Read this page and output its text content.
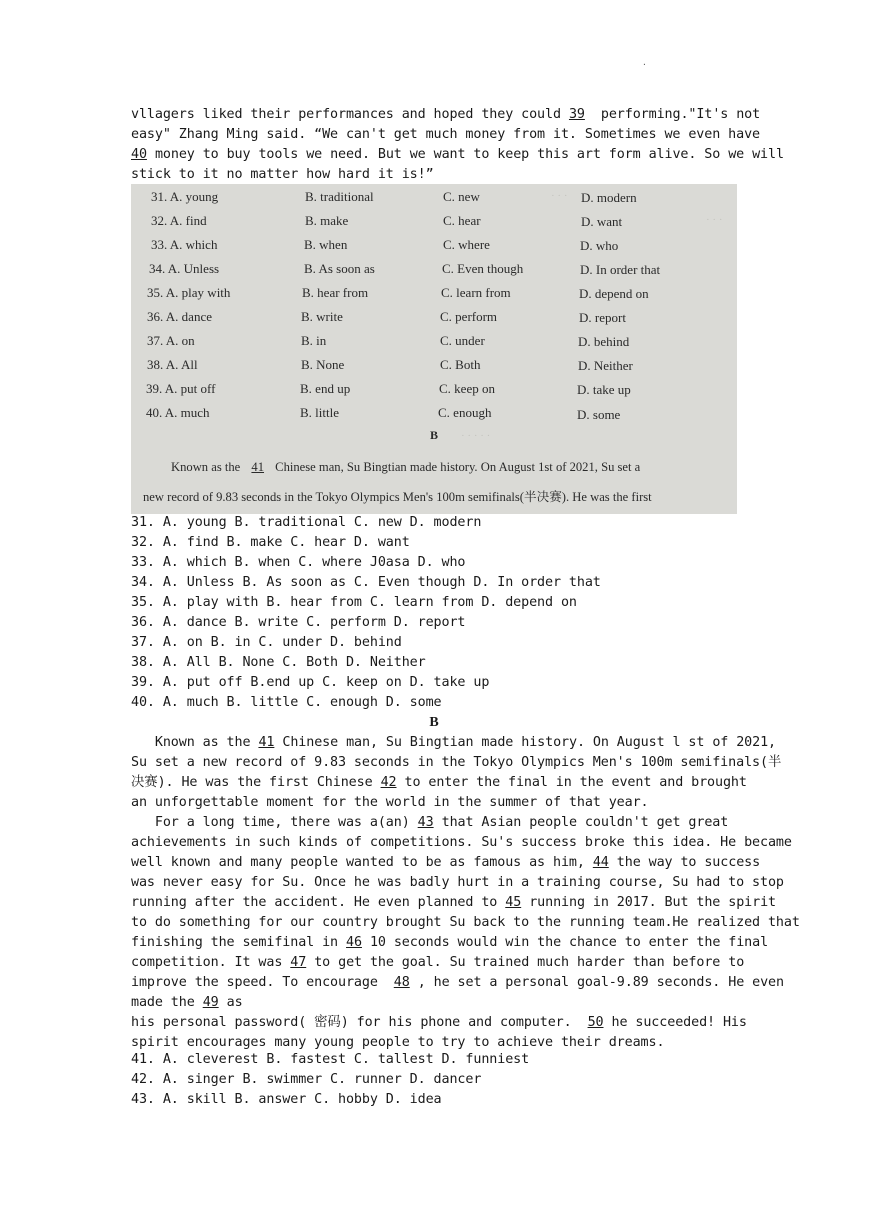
.
vllagers liked their performances and hoped they could 39 performing."It's not
easy" Zhang Ming said. “We can't get much money from it. Sometimes we even have
40 money to buy tools we need. But we want to keep this art form alive. So we will
stick to it no matter how hard it is!”
· · ·
· · ·
31. A. young	B. traditional	C. new	D. modern
32. A. find	B. make	C. hear	D. want
33. A. which	B. when	C. where	D. who
34. A. Unless	B. As soon as	C. Even though	D. In order that
35. A. play with	B. hear from	C. learn from	D. depend on
36. A. dance	B. write	C. perform	D. report
37. A. on	B. in	C. under	D. behind
38. A. All	B. None	C. Both	D. Neither
39. A. put off	B. end up	C. keep on	D. take up
40. A. much	B. little	C. enough	D. some
· · · · ·
B
Known as the 41 Chinese man, Su Bingtian made history. On August 1st of 2021, Su set a
new record of 9.83 seconds in the Tokyo Olympics Men's 100m semifinals(半决赛). He was the first
31. A. young B. traditional C. new D. modern
32. A. find B. make C. hear D. want
33. A. which B. when C. where J0asa D. who
34. A. Unless B. As soon as C. Even though D. In order that
35. A. play with B. hear from C. learn from D. depend on
36. A. dance B. write C. perform D. report
37. A. on B. in C. under D. behind
38. A. All B. None C. Both D. Neither
39. A. put off B.end up C. keep on D. take up
40. A. much B. little C. enough D. some
B
Known as the 41 Chinese man, Su Bingtian made history. On August l st of 2021,
Su set a new record of 9.83 seconds in the Tokyo Olympics Men's 100m semifinals(半
决赛). He was the first Chinese 42 to enter the final in the event and brought
an unforgettable moment for the world in the summer of that year.
For a long time, there was a(an) 43 that Asian people couldn't get great
achievements in such kinds of competitions. Su's success broke this idea. He became
well known and many people wanted to be as famous as him, 44 the way to success
was never easy for Su. Once he was badly hurt in a training course, Su had to stop
running after the accident. He even planned to 45 running in 2017. But the spirit
to do something for our country brought Su back to the running team.He realized that
finishing the semifinal in 46 10 seconds would win the chance to enter the final
competition. It was 47 to get the goal. Su trained much harder than before to
improve the speed. To encourage 48 , he set a personal goal-9.89 seconds. He even
made the 49 as
his personal password( 密码) for his phone and computer. 50 he succeeded! His
spirit encourages many young people to try to achieve their dreams.
41. A. cleverest B. fastest C. tallest D. funniest
42. A. singer B. swimmer C. runner D. dancer
43. A. skill B. answer C. hobby D. idea
